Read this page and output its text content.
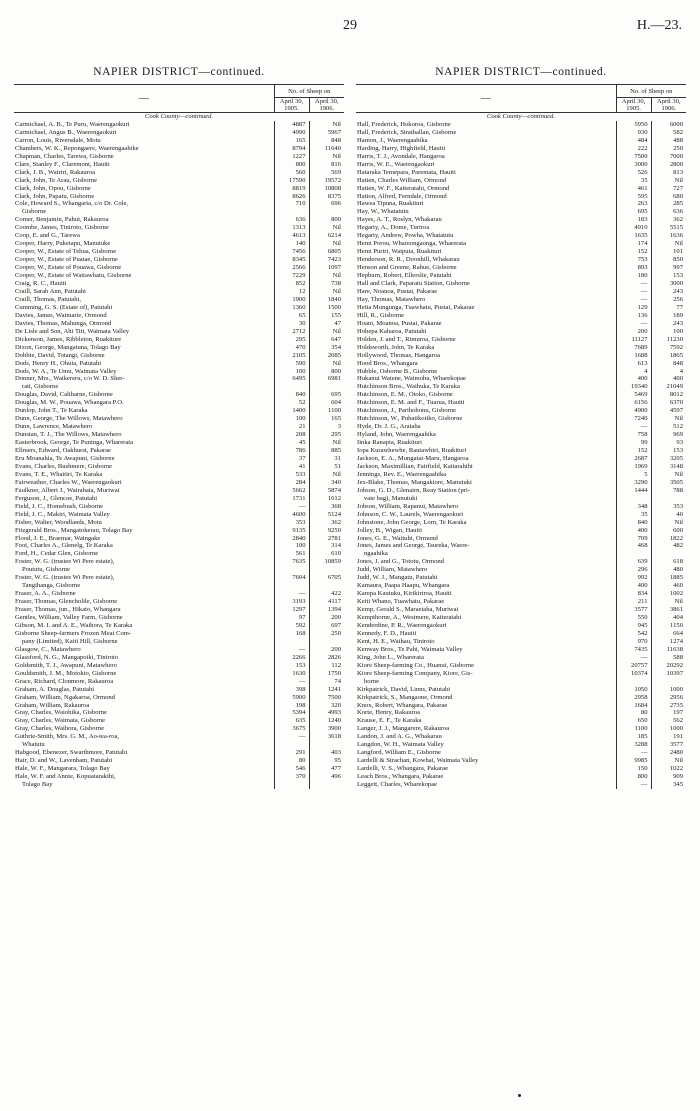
29	H.—23.
NAPIER DISTRICT—continued.
—	No. of Sheep on	
	April 30, 1905.	April 30, 1906.
Cook County—continued.		
Carmichael, A. B., Te Puru, Waerengaokuri	4887	Nil
Carmichael, Angus B., Waerengaokuri	4990	5967
Carron, Louis, Riversdale, Motu	165	848
Chambers, W. K., Repongaere, Waerengaahike	8794	11640
Chapman, Charles, Tarewa, Gisborne	1227	Nil
Clare, Stanley F., Claremont, Hauiti	800	816
Clark, J. B., Wairiri, Rakauroa	560	569
Clark, John, Te Arau, Gisborne	17590	19572
Clark, John, Opou, Gisborne	8819	10808
Clark, John, Papatu, Gisborne	8626	8375
Cole, Howard S., Whangaria, c/o Dr. Cole,	710	696
Gisborne		
Comer, Benjamin, Pahui, Rakauroa	636	800
Coombe, James, Tiniroto, Gisborne	1313	Nil
Coop, E. and G., Tarewa	4613	6214
Cooper, Harry, Puketapu, Manutuke	140	Nil
Cooper, W., Estate of Tehua, Gisborne	7456	6805
Cooper, W., Estate of Puatae, Gisborne	8345	7423
Cooper, W., Estate of Pouawa, Gisborne	2566	1097
Cooper, W., Estate of Waitawhatu, Gisborne	7229	Nil
Craig, R. C., Hauiti	852	738
Craill, Sarah Ann, Patutahi	12	Nil
Craill, Thomas, Patutahi,	1900	1840
Cumming, G. S. (Estate of), Patutahi	1360	1500
Davies, James, Waimarie, Ormond	65	155
Davies, Thomas, Mahunga, Ormond	30	47
De Lisle and Son, Ahi Titi, Waimata Valley	2712	Nil
Dickenson, James, Ribbleton, Ruakiture	295	647
Dixon, George, Mangatuna, Tolago Bay	470	354
Dobbie, David, Totangi, Gisborne	2105	2085
Dods, Henry H., Ohuia, Patutahi	590	Nil
Dods, W. A., Te Umu, Waimata Valley	100	800
Donner, Mrs., Waikereru, c/o W. D. Sher-	6495	6981
ratt, Gisborne		
Douglas, David, Caltharne, Gisborne	840	695
Douglas, M. W., Pouawa, Whangara P.O.	52	604
Dunlop, John T., Te Karaka	1400	1100
Dunn, George, The Willows, Matawhero	100	165
Dunn, Lawrence, Matawhero	21	3
Dunstan, T. J., The Willows, Matawhero	208	295
Easterbrook, George, Te Puninga, Wharerata	45	Nil
Ellmers, Edward, Oakhurst, Pakarae	786	885
Eru Moanahia, Te Awapuni, Gisborne	37	31
Evans, Charles, Bushmere, Gisborne	41	51
Evans, T. E., Whaitiri, Te Karaka	533	Nil
Fairweather, Charles W., Waerengaokuri	284	340
Faulkner, Albert J., Wairahaia, Muriwai	5662	5874
Ferguson, J., Glencoe, Patutahi	1731	1612
Field, J. C., Homebush, Gisborne	—	368
Field, J. C., Makiri, Waimata Valley	4600	5124
Fisher, Walter, Woodlands, Motu	353	362
Fitzgerald Bros., Mangatokerau, Tolago Bay	9135	9250
Flood, J. E., Braemar, Waingake	2840	2781
Foot, Charles A., Glenelg, Te Karaka	100	314
Ford, H., Cedar Glen, Gisborne	561	610
Foster, W. G. (trustee Wi Pere estate),	7635	10859
Poututu, Gisborne		
Foster, W. G. (trustee Wi Pere estate),	7604	6705
Tangihanga, Gisborne		
Fraser, A. A., Gisborne	—	422
Fraser, Thomas, Glencholile, Gisborne	3193	4117
Fraser, Thomas, jun., Hikato, Whangara	1297	1394
Gentles, William, Valley Farm, Gisborne	97	200
Gibson, M. I. and A. E., Waihora, Te Karaka	592	697
Gisborne Sheep-farmers Frozen Meat Com-	168	250
pany (Limited), Kaiti Hill, Gisborne		
Glasgow, C., Matawhero	—	200
Glassford, N. G., Mangapoiki, Tiniroto	2266	2826
Goldsmith, T. J., Awapuni, Matawhero	153	112
Gouldsmith, J. M., Motokio, Gisborne	1630	1750
Grace, Richard, Clonmore, Rakauroa	—	74
Graham, A. Douglas, Patutahi	398	1241
Graham, William, Ngakaroa, Ormond	5900	7500
Graham, William, Rakauroa	198	320
Gray, Charles, Waiohika, Gisborne	5394	4993
Gray, Charles, Waimata, Gisborne	635	1240
Gray, Charles, Waihora, Gisborne	3675	3900
Guthrie-Smith, Mrs. G. M., Ao-tea-roa,	—	3618
Whatutu		
Habgood, Ebenezer, Swarthmore, Patutahi	291	403
Hair, D. and W., Lavenham, Patutahi	80	95
Hale, W. F., Mangarara, Tolago Bay	546	477
Hale, W. F. and Annie, Kopuatarakihi,	370	496
Tolago Bay		
NAPIER DISTRICT—continued.
—	No. of Sheep on	
	April 30, 1905.	April 30, 1906.
Cook County—continued.		
Hall, Frederick, Hokoroa, Gisborne	5950	6000
Hall, Frederick, Strathallan, Gisborne	930	582
Hamon, J., Waerengaahika	484	488
Harding, Harry, Highfield, Hauiti	222	250
Harris, T. J., Avondale, Hangaroa	7500	7000
Harris, W. E., Waerengaokuri	3000	2800
Hataraka Temepara, Paremata, Hauiti	526	813
Hatten, Charles William, Ormond	35	Nil
Hatten, W. F., Kaiteratahi, Ormond	461	727
Hatton, Alfred, Ferndale, Ormond	595	680
Hawea Tipuna, Ruakituri	263	285
Hay, W., Whatatutu	695	636
Hayes, A. T., Roslyn, Whakarau	183	362
Hegarty, A., Dome, Turiroa	4910	5515
Hegarty, Andrew, Powha, Whatatutu	1635	1636
Hemi Porou, Whareongaonga, Wharerata	174	Nil
Hemi Puriri, Waipuia, Ruakituri	152	101
Henderson, R. R., Doonhill, Whakarau	753	850
Henson and Greene, Rahue, Gisborne	893	997
Hepburn, Robert, Ellerslie, Patutahi	180	153
Hall and Clark, Paparatu Station, Gisborne	—	3000
Hare, Noanoa, Pustai, Pakarae	—	243
Hay, Thomas, Matawhero	—	256
Hetia Mungunga, Tuawhatu, Pustai, Pakarae	129	77
Hill, R., Gisborne	136	189
Hoani, Moanoa, Pustai, Pakarae	—	243
Hohepa Kaharoa, Patutahi	200	100
Holden, J. and T., Rimuroa, Gisborne	11127	11230
Holdsworth, John, Te Karaka	7689	7592
Hollywood, Thomas, Hangaroa	1688	1865
Hood Bros., Whangara	613	848
Hubble, Osborne B., Gisborne	4	4
Hukanui Watene, Waimohu, Wharekopae	400	400
Hutchinson Bros., Waihuka, Te Karaka	19340	21049
Hutchinson, E. M., Otoko, Gisborne	5469	8012
Hutchinson, E. M. and F., Tuarua, Hauiti	6156	6370
Hutchinson, J., Parihohonu, Gisborne	4900	4597
Hutchinson, W., Puhatikotiko, Gisborne	7240	Nil
Hyde, Dr. J. G., Arataha	—	512
Hyland, John, Waerengaahika	758	969
Iinka Ranapia, Ruakituri	99	93
Iopa Kurawhewhe, Rautawhiri, Ruakituri	152	153
Jackson, E. A., Mungatai-Maru, Hangaroa	2687	3205
Jackson, Maximillian, Fairfield, Kaitarahihi	1969	3148
Jennings, Rev. E., Waerengaahika	5	Nil
Jex-Blake, Thomas, Mangakiore, Manutuki	3290	3505
Jobson, G. D., Glenairn, Reay Station (pri-	1444	788
vate bag), Manutuki		
Jobson, William, Rapanui, Matawhero	348	353
Johnson, C. W., Laurels, Waerengaokuri	35	40
Johnstone, John George, Lorn, Te Karaka	840	Nil
Jolley, B., Wigan, Hauiti	400	600
Jones, G. E., Waituhi, Ormond	709	1822
Jones, James and George, Taureka, Waere-	468	482
ngaahika		
Jones, J. and G., Tototu, Ormond	639	618
Judd, William, Matawhero	296	480
Judd, W. J., Mangatu, Patutahi	992	1885
Kamaura, Paapa Haapu, Whangara	400	460
Karepa Kautuku, Kirikiriroa, Hauiti	834	1002
Keiti Whano, Tuawhatu, Pakarae	211	Nil
Kemp, Gerald S., Maraetaha, Muriwai	3577	3861
Kempthorne, A., Westmere, Kaiteratahi	550	404
Kenderdine, P. R., Waerengaokuri	945	1150
Kennedy, F. D., Hauiti	542	664
Kent, H. E., Waihau, Tiniroto	970	1274
Kenway Bros., Te Pahi, Waimata Valley	7435	11638
King, John L., Wharerata	—	588
Kiore Sheep-farming Co., Huanui, Gisborne	20757	20292
Kiore Sheep-farming Company, Kiore, Gis-	10374	10397
borne		
Kirkpatrick, David, Linns, Patutahi	1050	1000
Kirkpatrick, S., Mangaone, Ormond	2958	2956
Knox, Robert, Whangara, Pakarae	1684	2735
Korte, Henry, Rakauroa	80	197
Krause, E. F., Te Karaka	650	562
Langer, J. J., Mangarere, Rakauroa	1100	1000
Landon, J. and A. G., Whakarau	185	191
Langdon, W. H., Waimata Valley	3288	3577
Langford, William E., Gisborne	—	2480
Lardelli & Strachan, Kowhai, Waimata Valley	9985	Nil
Lardelli, V. S., Whangara, Pakarae	150	1022
Leach Bros., Whangara, Pakarae	800	909
Leggett, Charles, Wharekopae	—	345
